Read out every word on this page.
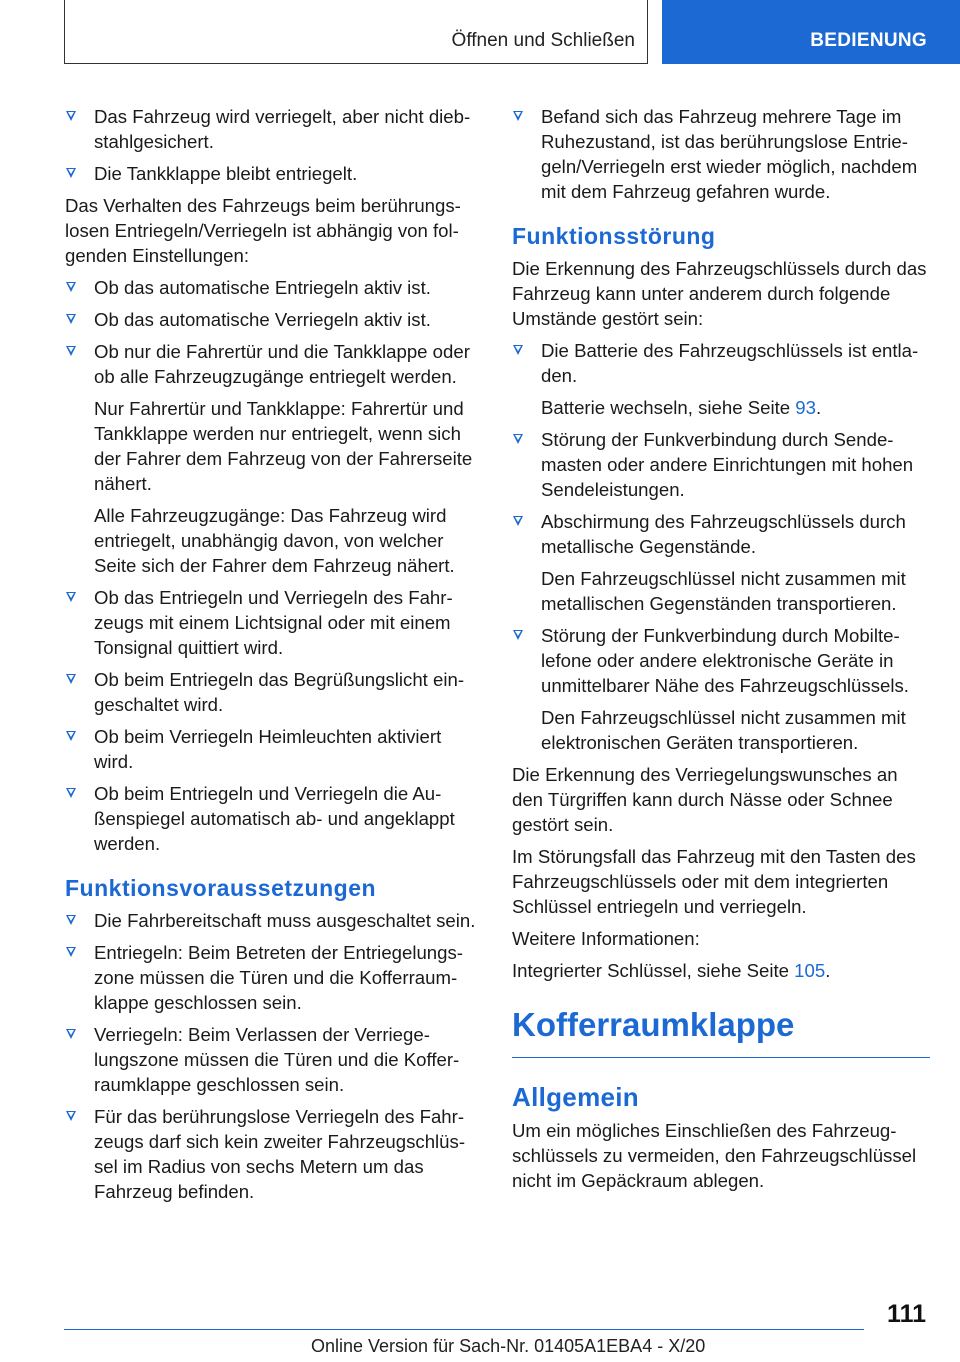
Öffnen und Schließen	BEDIENUNG
Das Fahrzeug wird verriegelt, aber nicht diebstahlgesichert.
Die Tankklappe bleibt entriegelt.

Das Verhalten des Fahrzeugs beim berührungslosen Entriegeln/Verriegeln ist abhängig von folgenden Einstellungen:

Ob das automatische Entriegeln aktiv ist.
Ob das automatische Verriegeln aktiv ist.
Ob nur die Fahrertür und die Tankklappe oder ob alle Fahrzeugzugänge entriegelt werden.

Nur Fahrertür und Tankklappe: Fahrertür und Tankklappe werden nur entriegelt, wenn sich der Fahrer dem Fahrzeug von der Fahrerseite nähert.

Alle Fahrzeugzugänge: Das Fahrzeug wird entriegelt, unabhängig davon, von welcher Seite sich der Fahrer dem Fahrzeug nähert.

Ob das Entriegeln und Verriegeln des Fahrzeugs mit einem Lichtsignal oder mit einem Tonsignal quittiert wird.
Ob beim Entriegeln das Begrüßungslicht eingeschaltet wird.
Ob beim Verriegeln Heimleuchten aktiviert wird.
Ob beim Entriegeln und Verriegeln die Außenspiegel automatisch ab- und angeklappt werden.
Funktionsvoraussetzungen
Die Fahrbereitschaft muss ausgeschaltet sein.
Entriegeln: Beim Betreten der Entriegelungszone müssen die Türen und die Kofferraumklappe geschlossen sein.
Verriegeln: Beim Verlassen der Verriegelungszone müssen die Türen und die Kofferraumklappe geschlossen sein.
Für das berührungslose Verriegeln des Fahrzeugs darf sich kein zweiter Fahrzeugschlüssel im Radius von sechs Metern um das Fahrzeug befinden.
Befand sich das Fahrzeug mehrere Tage im Ruhezustand, ist das berührungslose Entriegeln/Verriegeln erst wieder möglich, nachdem mit dem Fahrzeug gefahren wurde.
Funktionsstörung

Die Erkennung des Fahrzeugschlüssels durch das Fahrzeug kann unter anderem durch folgende Umstände gestört sein:

Die Batterie des Fahrzeugschlüssels ist entladen.

Batterie wechseln, siehe Seite 93.

Störung der Funkverbindung durch Sendemasten oder andere Einrichtungen mit hohen Sendeleistungen.
Abschirmung des Fahrzeugschlüssels durch metallische Gegenstände.

Den Fahrzeugschlüssel nicht zusammen mit metallischen Gegenständen transportieren.

Störung der Funkverbindung durch Mobiltelefone oder andere elektronische Geräte in unmittelbarer Nähe des Fahrzeugschlüssels.

Den Fahrzeugschlüssel nicht zusammen mit elektronischen Geräten transportieren.

Die Erkennung des Verriegelungswunsches an den Türgriffen kann durch Nässe oder Schnee gestört sein.

Im Störungsfall das Fahrzeug mit den Tasten des Fahrzeugschlüssels oder mit dem integrierten Schlüssel entriegeln und verriegeln.

Weitere Informationen:

Integrierter Schlüssel, siehe Seite 105.

Kofferraumklappe
Allgemein

Um ein mögliches Einschließen des Fahrzeugschlüssels zu vermeiden, den Fahrzeugschlüssel nicht im Gepäckraum ablegen.

111
Online Version für Sach-Nr. 01405A1EBA4 - X/20
